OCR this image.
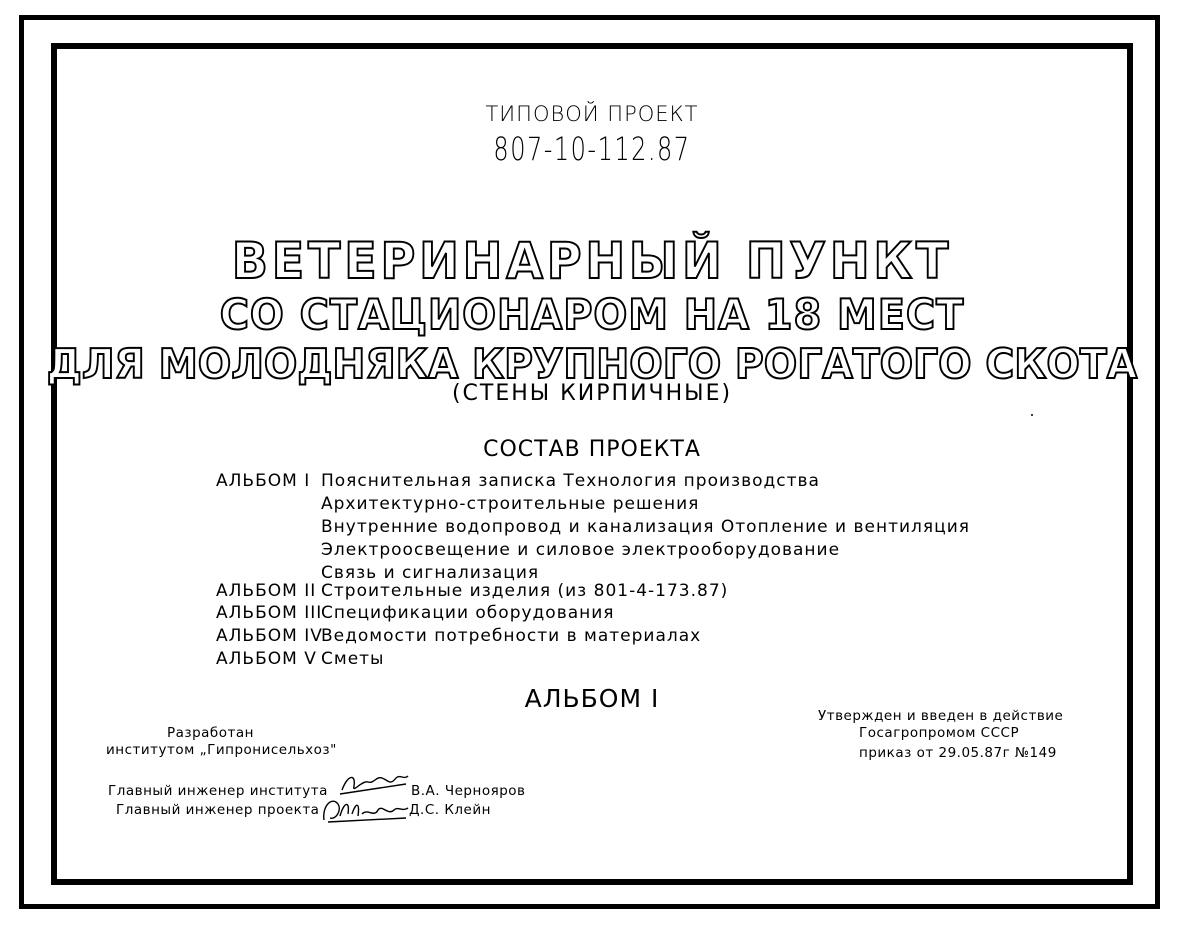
ТИПОВОЙ ПРОЕКТ
807-10-112.87
ВЕТЕРИНАРНЫЙ ПУНКТ
СО СТАЦИОНАРОМ НА 18 МЕСТ
ДЛЯ МОЛОДНЯКА КРУПНОГО РОГАТОГО СКОТА
(СТЕНЫ КИРПИЧНЫЕ)
СОСТАВ ПРОЕКТА
АЛЬБОМ I Пояснительная записка Технология производства
Архитектурно-строительные решения
Внутренние водопровод и канализация Отопление и вентиляция
Электроосвещение и силовое электрооборудование
Связь и сигнализация
АЛЬБОМ II Строительные изделия (из 801-4-173.87)
АЛЬБОМ III
Спецификации оборудования
АЛЬБОМ IV
Ведомости потребности в материалах
АЛЬБОМ V Сметы
АЛЬБОМ I
Разработан
институтом „Гипронисельхоз"
Утвержден и введен в действие
Госагропромом СССР
приказ от 29.05.87г №149
Главный инженер института	В.А. Чернояров
Главный инженер проекта	Д.С. Клейн
